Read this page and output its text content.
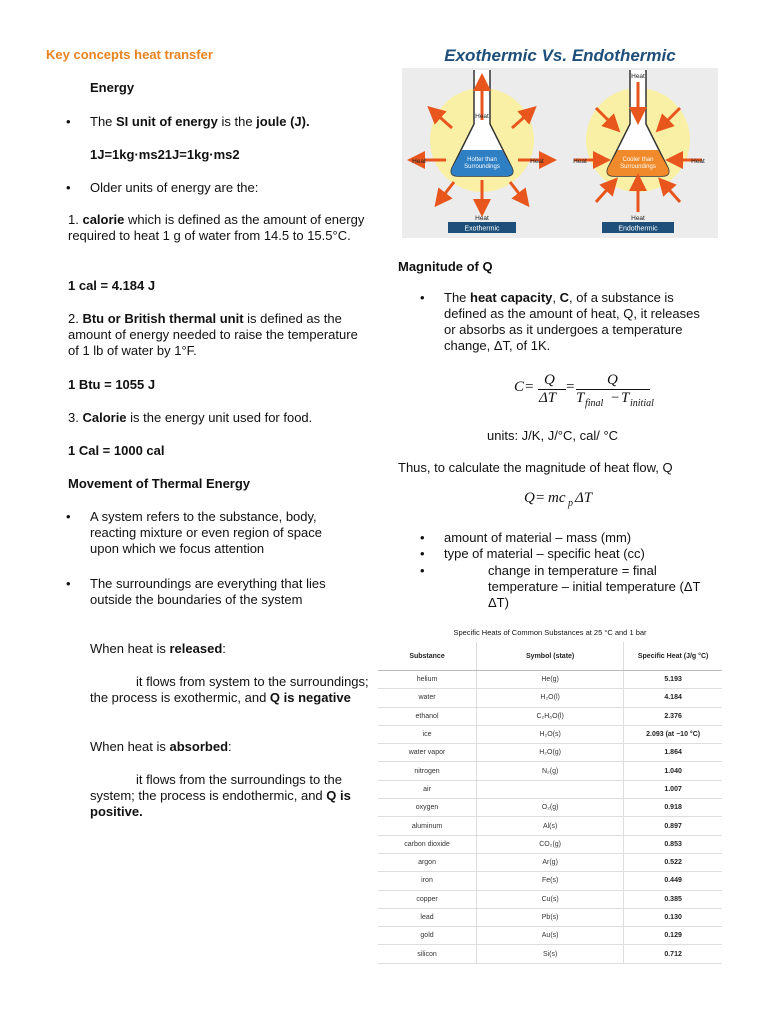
Key concepts heat transfer

Energy

• The SI unit of energy is the joule (J).

1J=1kg·ms21J=1kg·ms2

• Older units of energy are the:

1. calorie which is defined as the amount of energy required to heat 1 g of water from 14.5 to 15.5°C.

1 cal = 4.184 J

2. Btu or British thermal unit is defined as the amount of energy needed to raise the temperature of 1 lb of water by 1°F.

1 Btu = 1055 J

3. Calorie is the energy unit used for food.

1 Cal = 1000 cal

Movement of Thermal Energy

• A system refers to the substance, body, reacting mixture or even region of space upon which we focus attention
• The surroundings are everything that lies outside the boundaries of the system

When heat is released:

it flows from system to the surroundings; the process is exothermic, and Q is negative

When heat is absorbed:

it flows from the surroundings to the system; the process is endothermic, and Q is positive.

Exothermic Vs. Endothermic
Heat
Heat	Heat
Heat
Hotter than
Surroundings
Exothermic
Heat
Heat	Heat
Heat
Cooler than
Surroundings
Endothermic

Magnitude of Q

• The heat capacity, C, of a substance is defined as the amount of heat, Q, it releases or absorbs as it undergoes a temperature change, ΔT, of 1K.
C = Q
ΔT
= Q
T final − T initial

units: J/K, J/°C, cal/ °C

Thus, to calculate the magnitude of heat flow, Q

Q = mc p ΔT
• amount of material – mass (mm)
• type of material – specific heat (cc)
•	change in temperature = final temperature – initial temperature (ΔT ΔT)
Specific Heats of Common Substances at 25 °C and 1 bar
Substance	Symbol (state)	Specific Heat (J/g °C)
helium	He(g)	5.193
water	H₂O(l)	4.184
ethanol	C₂H₆O(l)	2.376
ice	H₂O(s)	2.093 (at −10 °C)
water vapor	H₂O(g)	1.864
nitrogen	N₂(g)	1.040
air		1.007
oxygen	O₂(g)	0.918
aluminum	Al(s)	0.897
carbon dioxide	CO₂(g)	0.853
argon	Ar(g)	0.522
iron	Fe(s)	0.449
copper	Cu(s)	0.385
lead	Pb(s)	0.130
gold	Au(s)	0.129
silicon	Si(s)	0.712
